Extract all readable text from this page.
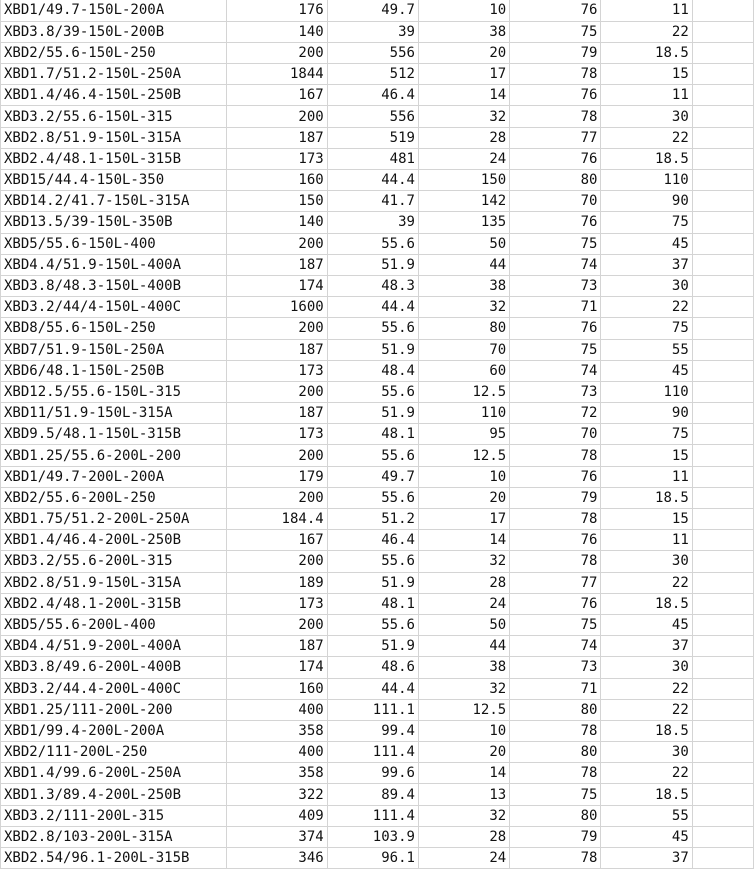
XBD1/49.7-150L-200A	176	49.7	10	76	11	
XBD3.8/39-150L-200B	140	39	38	75	22	
XBD2/55.6-150L-250	200	556	20	79	18.5	
XBD1.7/51.2-150L-250A	1844	512	17	78	15	
XBD1.4/46.4-150L-250B	167	46.4	14	76	11	
XBD3.2/55.6-150L-315	200	556	32	78	30	
XBD2.8/51.9-150L-315A	187	519	28	77	22	
XBD2.4/48.1-150L-315B	173	481	24	76	18.5	
XBD15/44.4-150L-350	160	44.4	150	80	110	
XBD14.2/41.7-150L-315A	150	41.7	142	70	90	
XBD13.5/39-150L-350B	140	39	135	76	75	
XBD5/55.6-150L-400	200	55.6	50	75	45	
XBD4.4/51.9-150L-400A	187	51.9	44	74	37	
XBD3.8/48.3-150L-400B	174	48.3	38	73	30	
XBD3.2/44/4-150L-400C	1600	44.4	32	71	22	
XBD8/55.6-150L-250	200	55.6	80	76	75	
XBD7/51.9-150L-250A	187	51.9	70	75	55	
XBD6/48.1-150L-250B	173	48.4	60	74	45	
XBD12.5/55.6-150L-315	200	55.6	12.5	73	110	
XBD11/51.9-150L-315A	187	51.9	110	72	90	
XBD9.5/48.1-150L-315B	173	48.1	95	70	75	
XBD1.25/55.6-200L-200	200	55.6	12.5	78	15	
XBD1/49.7-200L-200A	179	49.7	10	76	11	
XBD2/55.6-200L-250	200	55.6	20	79	18.5	
XBD1.75/51.2-200L-250A	184.4	51.2	17	78	15	
XBD1.4/46.4-200L-250B	167	46.4	14	76	11	
XBD3.2/55.6-200L-315	200	55.6	32	78	30	
XBD2.8/51.9-150L-315A	189	51.9	28	77	22	
XBD2.4/48.1-200L-315B	173	48.1	24	76	18.5	
XBD5/55.6-200L-400	200	55.6	50	75	45	
XBD4.4/51.9-200L-400A	187	51.9	44	74	37	
XBD3.8/49.6-200L-400B	174	48.6	38	73	30	
XBD3.2/44.4-200L-400C	160	44.4	32	71	22	
XBD1.25/111-200L-200	400	111.1	12.5	80	22	
XBD1/99.4-200L-200A	358	99.4	10	78	18.5	
XBD2/111-200L-250	400	111.4	20	80	30	
XBD1.4/99.6-200L-250A	358	99.6	14	78	22	
XBD1.3/89.4-200L-250B	322	89.4	13	75	18.5	
XBD3.2/111-200L-315	409	111.4	32	80	55	
XBD2.8/103-200L-315A	374	103.9	28	79	45	
XBD2.54/96.1-200L-315B	346	96.1	24	78	37	
